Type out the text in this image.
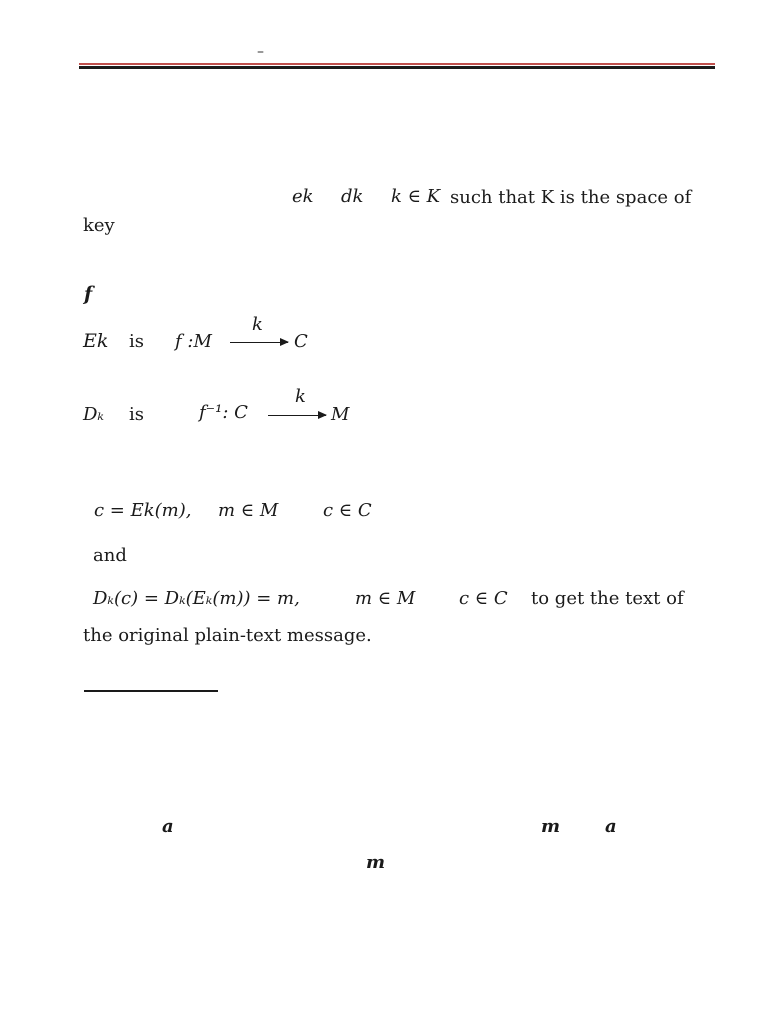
–
ek dk k ∈ K such that K is the space of
key
f
Ek is f :M
k
C
Dₖ is	f⁻¹: C
k
M
c = Ek(m), m ∈ M c ∈ C
and
Dₖ(c) = Dₖ(Eₖ(m)) = m,	m ∈ M c ∈ C to get the text of
the original plain-text message.
a	m a
m
